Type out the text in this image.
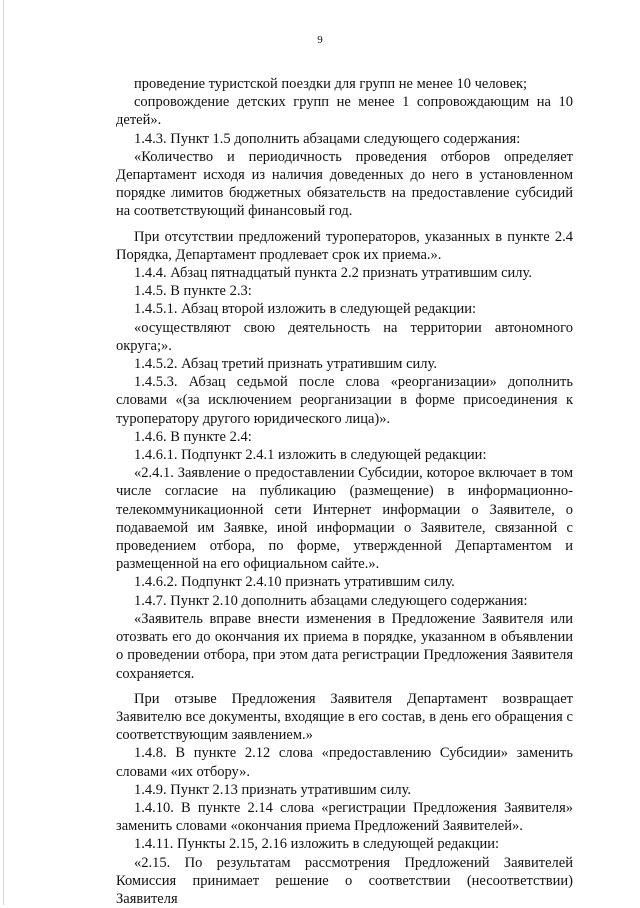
9

проведение туристской поездки для групп не менее 10 человек;

сопровождение детских групп не менее 1 сопровождающим на 10 детей».

1.4.3. Пункт 1.5 дополнить абзацами следующего содержания:

«Количество и периодичность проведения отборов определяет Департамент исходя из наличия доведенных до него в установленном порядке лимитов бюджетных обязательств на предоставление субсидий на соответствующий финансовый год.

При отсутствии предложений туроператоров, указанных в пункте 2.4 Порядка, Департамент продлевает срок их приема.».

1.4.4. Абзац пятнадцатый пункта 2.2 признать утратившим силу.

1.4.5. В пункте 2.3:

1.4.5.1. Абзац второй изложить в следующей редакции:

«осуществляют свою деятельность на территории автономного округа;».

1.4.5.2. Абзац третий признать утратившим силу.

1.4.5.3. Абзац седьмой после слова «реорганизации» дополнить словами «(за исключением реорганизации в форме присоединения к туроператору другого юридического лица)».

1.4.6. В пункте 2.4:

1.4.6.1. Подпункт 2.4.1 изложить в следующей редакции:

«2.4.1. Заявление о предоставлении Субсидии, которое включает в том числе согласие на публикацию (размещение) в информационно-телекоммуникационной сети Интернет информации о Заявителе, о подаваемой им Заявке, иной информации о Заявителе, связанной с проведением отбора, по форме, утвержденной Департаментом и размещенной на его официальном сайте.».

1.4.6.2. Подпункт 2.4.10 признать утратившим силу.

1.4.7. Пункт 2.10 дополнить абзацами следующего содержания:

«Заявитель вправе внести изменения в Предложение Заявителя или отозвать его до окончания их приема в порядке, указанном в объявлении о проведении отбора, при этом дата регистрации Предложения Заявителя сохраняется.

При отзыве Предложения Заявителя Департамент возвращает Заявителю все документы, входящие в его состав, в день его обращения с соответствующим заявлением.»

1.4.8. В пункте 2.12 слова «предоставлению Субсидии» заменить словами «их отбору».

1.4.9. Пункт 2.13 признать утратившим силу.

1.4.10. В пункте 2.14 слова «регистрации Предложения Заявителя» заменить словами «окончания приема Предложений Заявителей».

1.4.11. Пункты 2.15, 2.16 изложить в следующей редакции:

«2.15. По результатам рассмотрения Предложений Заявителей Комиссия принимает решение о соответствии (несоответствии) Заявителя
